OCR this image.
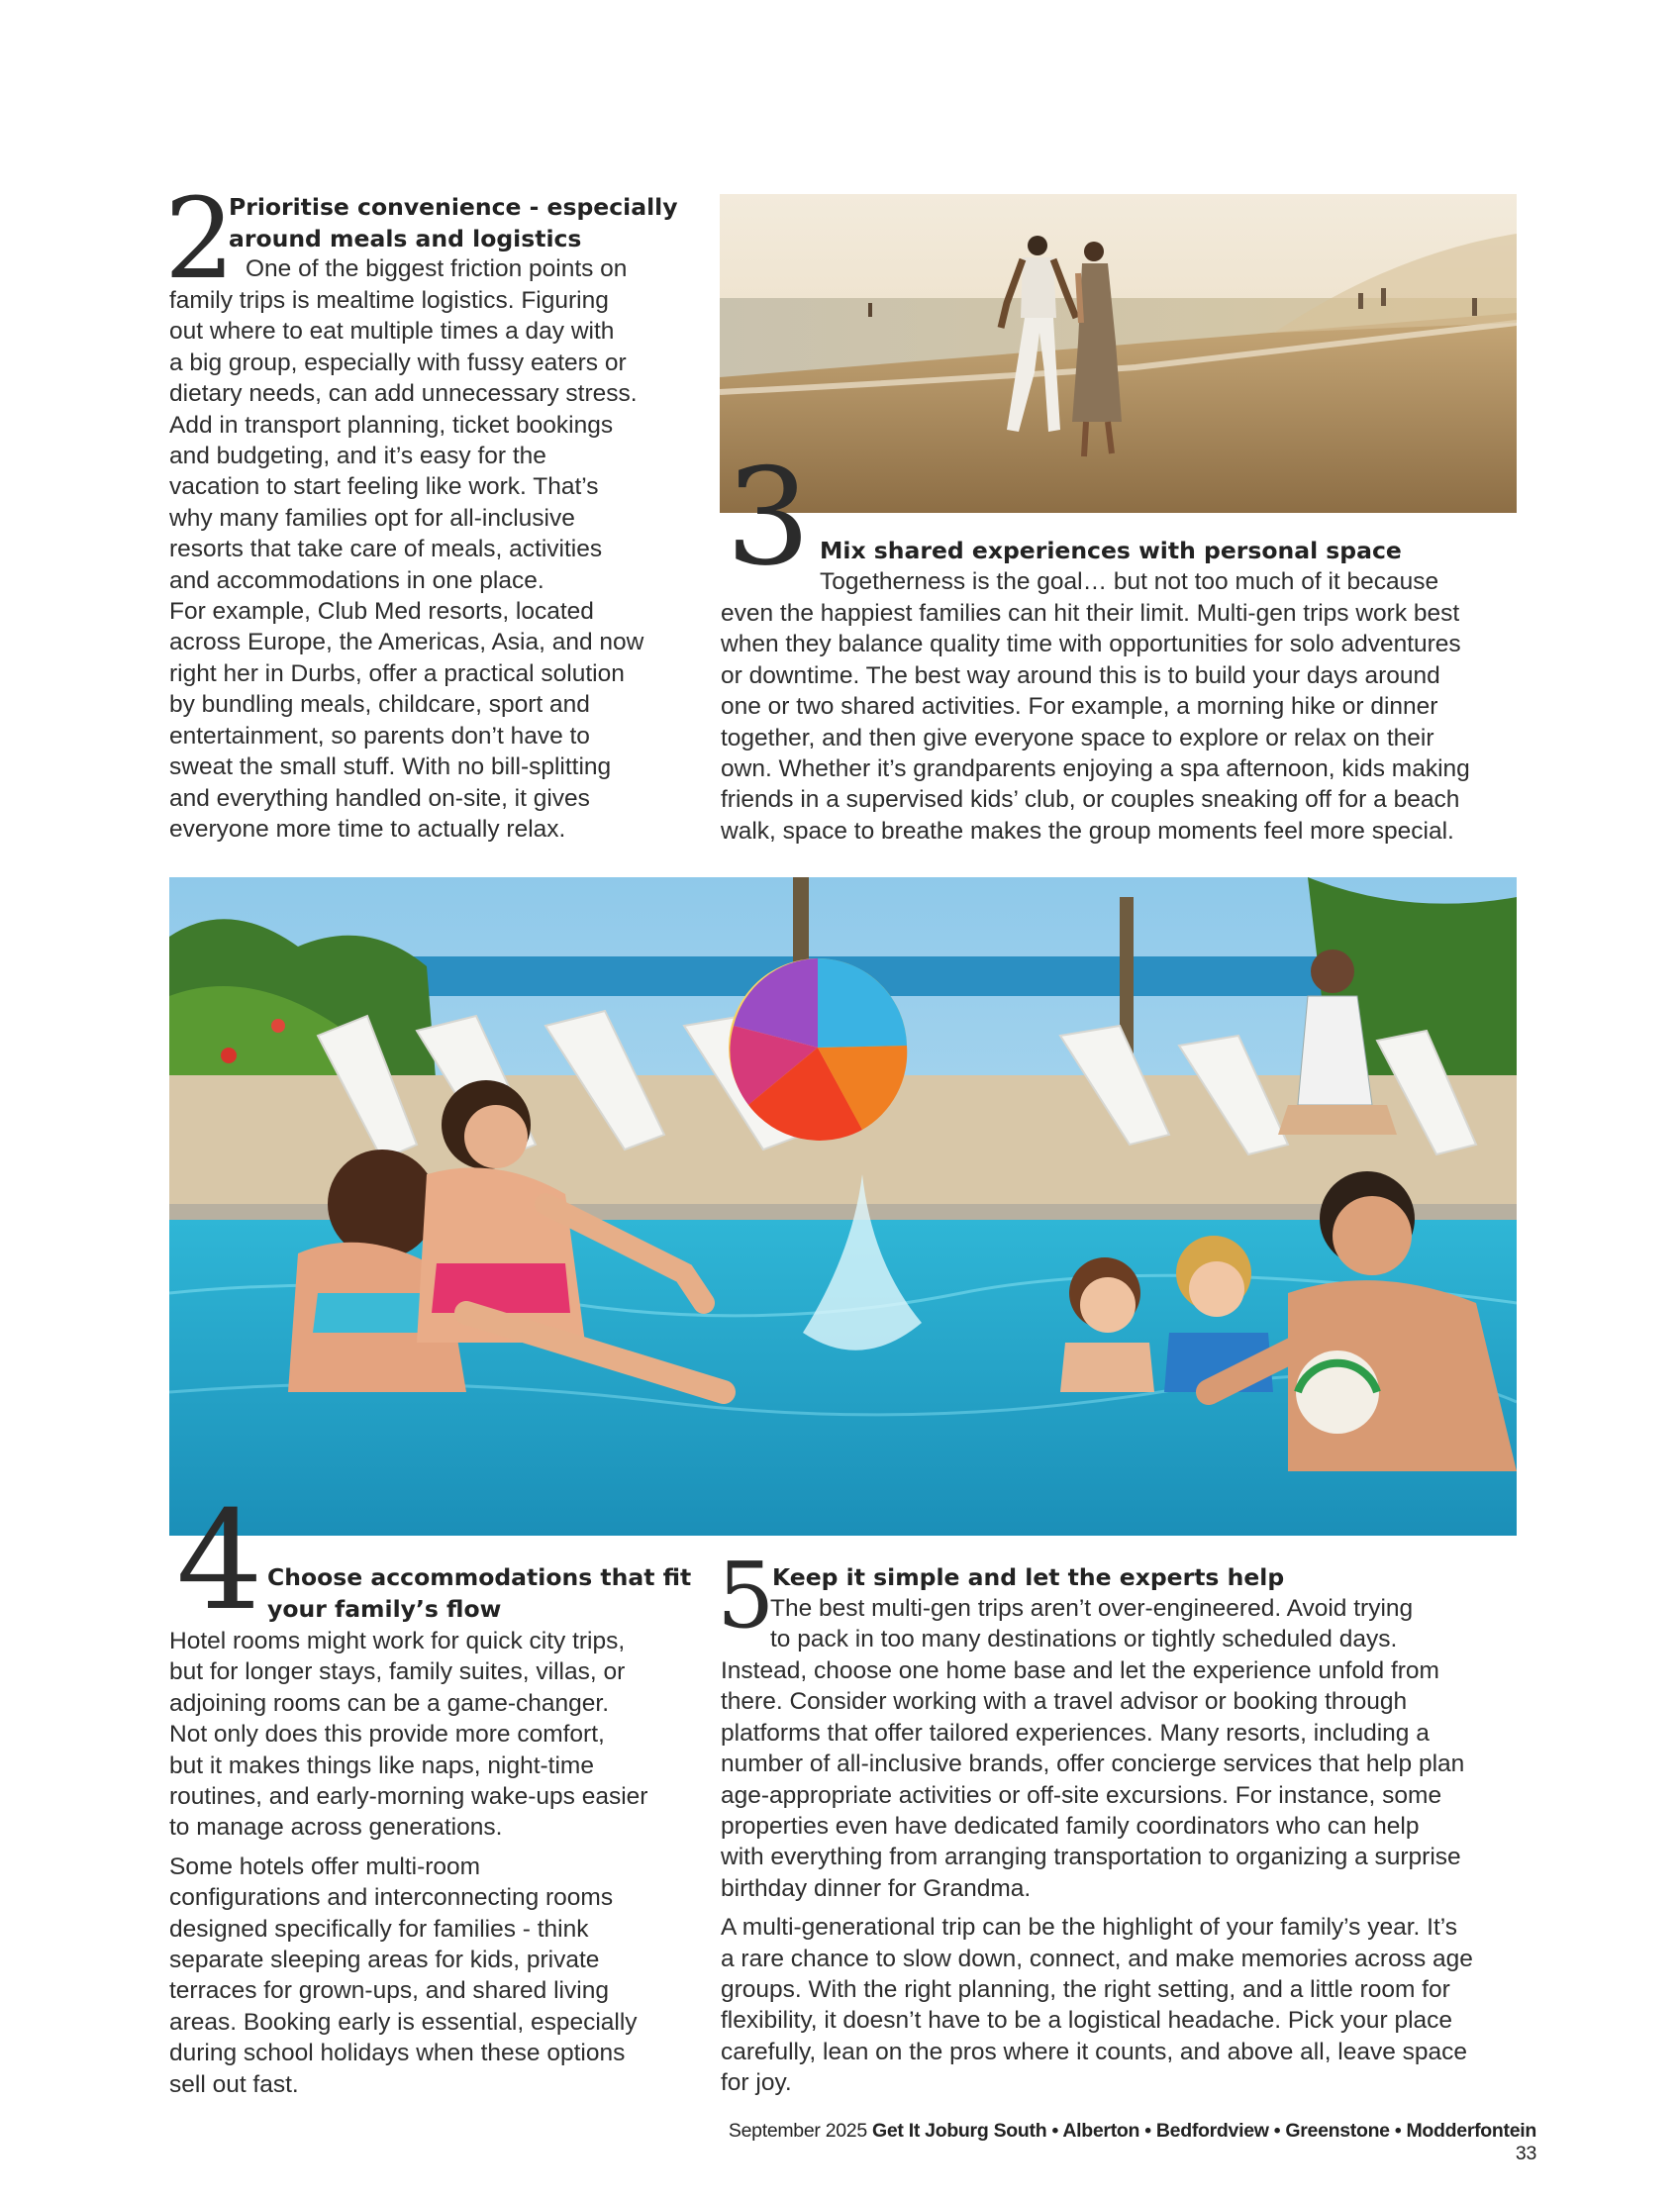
2
Prioritise convenience - especially
around meals and logistics
One of the biggest friction points on

family trips is mealtime logistics. Figuring
out where to eat multiple times a day with
a big group, especially with fussy eaters or
dietary needs, can add unnecessary stress.
Add in transport planning, ticket bookings
and budgeting, and it’s easy for the
vacation to start feeling like work. That’s
why many families opt for all-inclusive
resorts that take care of meals, activities
and accommodations in one place.
For example, Club Med resorts, located
across Europe, the Americas, Asia, and now
right her in Durbs, offer a practical solution
by bundling meals, childcare, sport and
entertainment, so parents don’t have to
sweat the small stuff. With no bill-splitting
and everything handled on-site, it gives
everyone more time to actually relax.

3 Mix shared experiences with personal space
Togetherness is the goal… but not too much of it because

even the happiest families can hit their limit. Multi-gen trips work best
when they balance quality time with opportunities for solo adventures
or downtime. The best way around this is to build your days around
one or two shared activities. For example, a morning hike or dinner
together, and then give everyone space to explore or relax on their
own. Whether it’s grandparents enjoying a spa afternoon, kids making
friends in a supervised kids’ club, or couples sneaking off for a beach
walk, space to breathe makes the group moments feel more special.

4 Choose accommodations that fit
your family’s flow

Hotel rooms might work for quick city trips,
but for longer stays, family suites, villas, or
adjoining rooms can be a game-changer.
Not only does this provide more comfort,
but it makes things like naps, night-time
routines, and early-morning wake-ups easier
to manage across generations.

Some hotels offer multi-room
configurations and interconnecting rooms
designed specifically for families - think
separate sleeping areas for kids, private
terraces for grown-ups, and shared living
areas. Booking early is essential, especially
during school holidays when these options
sell out fast.

5
Keep it simple and let the experts help
The best multi-gen trips aren’t over-engineered. Avoid trying
to pack in too many destinations or tightly scheduled days.

Instead, choose one home base and let the experience unfold from
there. Consider working with a travel advisor or booking through
platforms that offer tailored experiences. Many resorts, including a
number of all-inclusive brands, offer concierge services that help plan
age-appropriate activities or off-site excursions. For instance, some
properties even have dedicated family coordinators who can help
with everything from arranging transportation to organizing a surprise
birthday dinner for Grandma.

A multi-generational trip can be the highlight of your family’s year. It’s
a rare chance to slow down, connect, and make memories across age
groups. With the right planning, the right setting, and a little room for
flexibility, it doesn’t have to be a logistical headache. Pick your place
carefully, lean on the pros where it counts, and above all, leave space
for joy.

September 2025 Get It Joburg South • Alberton • Bedfordview • Greenstone • Modderfontein 33
